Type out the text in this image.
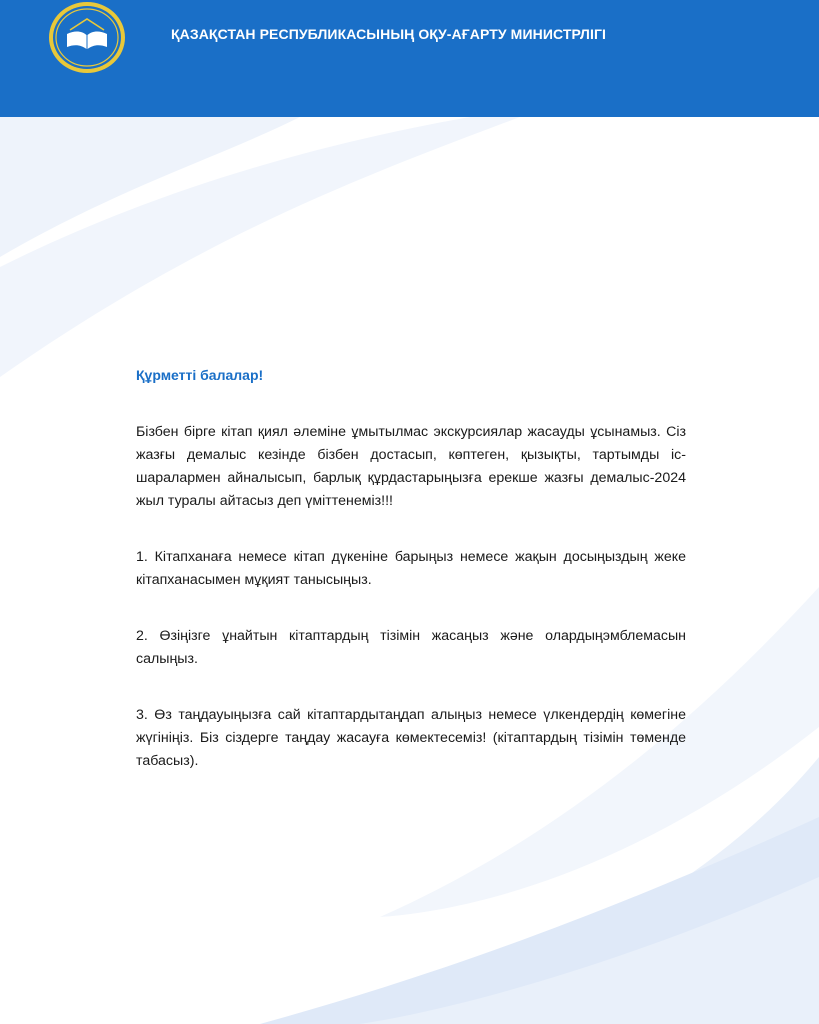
ҚАЗАҚСТАН РЕСПУБЛИКАСЫНЫҢ ОҚУ-АҒАРТУ МИНИСТРЛІГІ

Құрметті балалар!

Бізбен бірге кітап қиял әлеміне ұмытылмас экскурсиялар жасауды ұсынамыз. Сіз жазғы демалыс кезінде бізбен достасып, көптеген, қызықты, тартымды іс-шаралармен айналысып, барлық құрдастарыңызға ерекше жазғы демалыс-2024 жыл туралы айтасыз деп үміттенеміз!!!

1. Кітапханаға немесе кітап дүкеніне барыңыз немесе жақын досыңыздың жеке кітапханасымен мұқият танысыңыз.

2. Өзіңізге ұнайтын кітаптардың тізімін жасаңыз және олардыңэмблемасын салыңыз.

3. Өз таңдауыңызға сай кітаптардытаңдап алыңыз немесе үлкендердің көмегіне жүгініңіз. Біз сіздерге таңдау жасауға көмектесеміз! (кітаптардың тізімін төменде табасыз).
